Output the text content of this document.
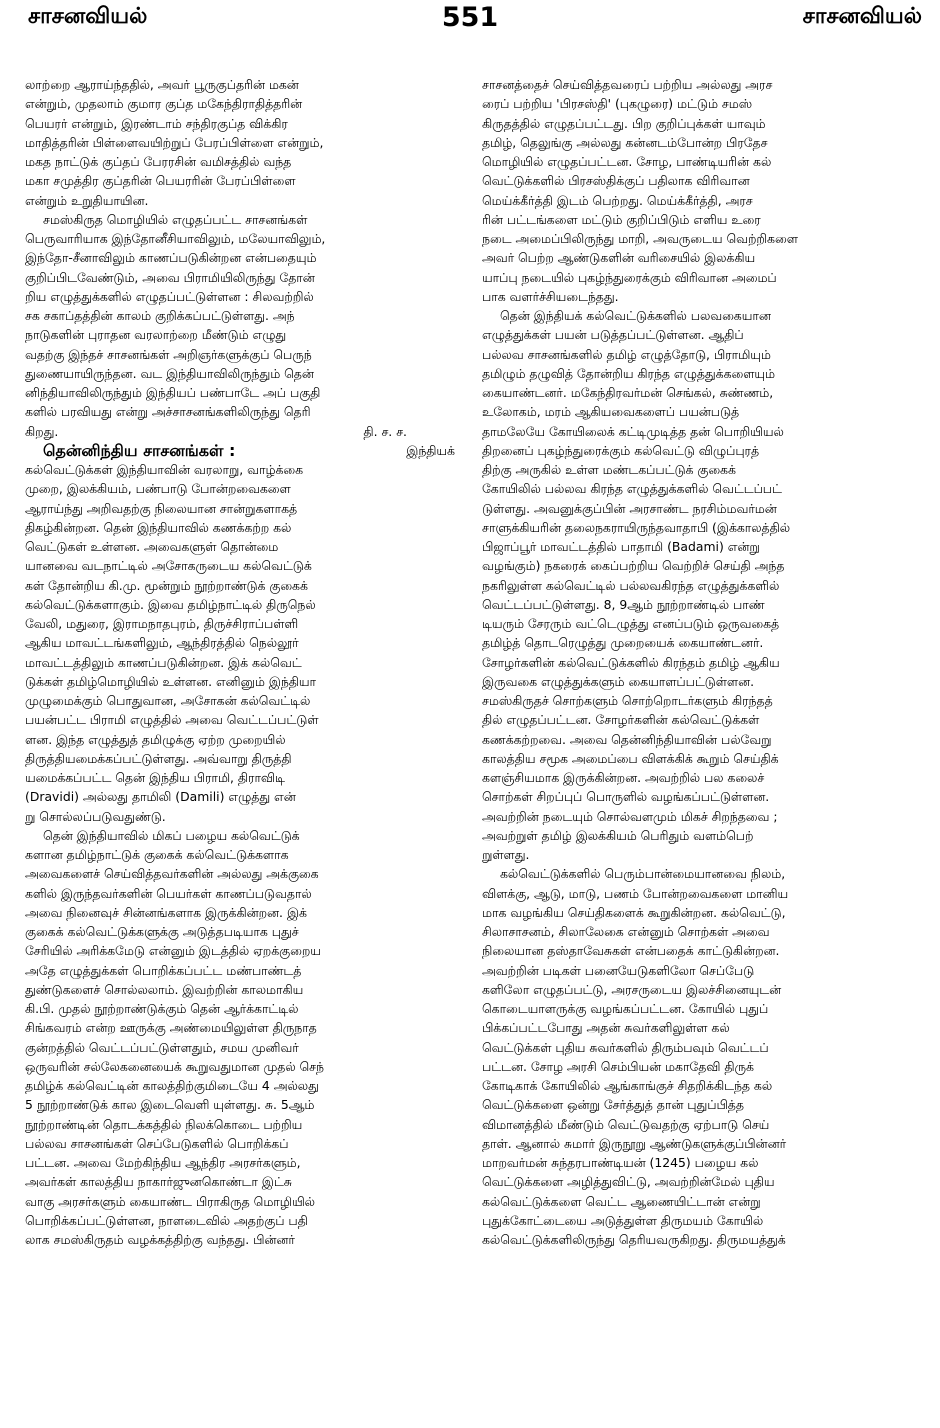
சாசனவியல்	551	சாசனவியல்
லாற்றை ஆராய்ந்ததில், அவர் பூருகுப்தரின் மகன்
என்றும், முதலாம் குமார குப்த மகேந்திராதித்தரின்
பெயரர் என்றும், இரண்டாம் சந்திரகுப்த விக்கிர
மாதித்தரின் பிள்ளைவயிற்றுப் பேரப்பிள்ளை என்றும்,
மகத நாட்டுக் குப்தப் பேரரசின் வமிசத்தில் வந்த
மகா சமுத்திர குப்தரின் பெயரரின் பேரப்பிள்ளை
என்றும் உறுதியாயின.
சமஸ்கிருத மொழியில் எழுதப்பட்ட சாசனங்கள்
பெருவாரியாக இந்தோனீசியாவிலும், மலேயாவிலும்,
இந்தோ-சீனாவிலும் காணப்படுகின்றன என்பதையும்
குறிப்பிடவேண்டும், அவை பிராமியிலிருந்து தோன்
றிய எழுத்துக்களில் எழுதப்பட்டுள்ளன : சிலவற்றில்
சக சகாப்தத்தின் காலம் குறிக்கப்பட்டுள்ளது. அந்
நாடுகளின் புராதன வரலாற்றை மீண்டும் எழுது
வதற்கு இந்தச் சாசனங்கள் அறிஞர்களுக்குப் பெருந்
துணையாயிருந்தன. வட இந்தியாவிலிருந்தும் தென்
னிந்தியாவிலிருந்தும் இந்தியப் பண்பாடே அப் பகுதி
களில் பரவியது என்று அச்சாசனங்களிலிருந்து தெரி
கிறது.	தி. ச. ச.
தென்னிந்திய சாசனங்கள் :	இந்தியக்
கல்வெட்டுக்கள் இந்தியாவின் வரலாறு, வாழ்க்கை
முறை, இலக்கியம், பண்பாடு போன்றவைகளை
ஆராய்ந்து அறிவதற்கு நிலையான சான்றுகளாகத்
திகழ்கின்றன. தென் இந்தியாவில் கணக்கற்ற கல்
வெட்டுகள் உள்ளன. அவைகளுள் தொன்மை
யானவை வடநாட்டில் அசோகருடைய கல்வெட்டுக்
கள் தோன்றிய கி.மு. மூன்றும் நூற்றாண்டுக் குகைக்
கல்வெட்டுக்களாகும். இவை தமிழ்நாட்டில் திருநெல்
வேலி, மதுரை, இராமநாதபுரம், திருச்சிராப்பள்ளி
ஆகிய மாவட்டங்களிலும், ஆந்திரத்தில் நெல்லூர்
மாவட்டத்திலும் காணப்படுகின்றன. இக் கல்வெட்
டுக்கள் தமிழ்மொழியில் உள்ளன. எனினும் இந்தியா
முழுமைக்கும் பொதுவான, அசோகன் கல்வெட்டில்
பயன்பட்ட பிராமி எழுத்தில் அவை வெட்டப்பட்டுள்
ளன. இந்த எழுத்துத் தமிழுக்கு ஏற்ற முறையில்
திருத்தியமைக்கப்பட்டுள்ளது. அவ்வாறு திருத்தி
யமைக்கப்பட்ட தென் இந்திய பிராமி, திராவிடி
(Dravidi) அல்லது தாமிலி (Damili) எழுத்து என்
று சொல்லப்படுவதுண்டு.
தென் இந்தியாவில் மிகப் பழைய கல்வெட்டுக்
களான தமிழ்நாட்டுக் குகைக் கல்வெட்டுக்களாக
அவைகளைச் செய்வித்தவர்களின் அல்லது அக்குகை
களில் இருந்தவர்களின் பெயர்கள் காணப்படுவதால்
அவை நினைவுச் சின்னங்களாக இருக்கின்றன. இக்
குகைக் கல்வெட்டுக்களுக்கு அடுத்தபடியாக புதுச்
சேரியில் அரிக்கமேடு என்னும் இடத்தில் ஏறக்குறைய
அதே எழுத்துக்கள் பொறிக்கப்பட்ட மண்பாண்டத்
துண்டுகளைச் சொல்லலாம். இவற்றின் காலமாகிய
கி.பி. முதல் நூற்றாண்டுக்கும் தென் ஆர்க்காட்டில்
சிங்கவரம் என்ற ஊருக்கு அண்மையிலுள்ள திருநாத
குன்றத்தில் வெட்டப்பட்டுள்ளதும், சமய முனிவர்
ஒருவரின் சல்லேகனையைக் கூறுவதுமான முதல் செந்
தமிழ்க் கல்வெட்டின் காலத்திற்குமிடையே 4 அல்லது
5 நூற்றாண்டுக் கால இடைவெளி யுள்ளது. சு. 5ஆம்
நூற்றாண்டின் தொடக்கத்தில் நிலக்கொடை பற்றிய
பல்லவ சாசனங்கள் செப்பேடுகளில் பொறிக்கப்
பட்டன. அவை மேற்கிந்திய ஆந்திர அரசர்களும்,
அவர்கள் காலத்திய நாகார்ஜுனகொண்டா இட்சு
வாகு அரசர்களும் கையாண்ட பிராகிருத மொழியில்
பொறிக்கப்பட்டுள்ளன, நாளடைவில் அதற்குப் பதி
லாக சமஸ்கிருதம் வழக்கத்திற்கு வந்தது. பின்னர்
சாசனத்தைச் செய்வித்தவரைப் பற்றிய அல்லது அரச
ரைப் பற்றிய 'பிரசஸ்தி' (புகழுரை) மட்டும் சமஸ்
கிருதத்தில் எழுதப்பட்டது. பிற குறிப்புக்கள் யாவும்
தமிழ், தெலுங்கு அல்லது கன்னடம்போன்ற பிரதேச
மொழியில் எழுதப்பட்டன. சோழ, பாண்டியரின் கல்
வெட்டுக்களில் பிரசஸ்திக்குப் பதிலாக விரிவான
மெய்க்கீர்த்தி இடம் பெற்றது. மெய்க்கீர்த்தி, அரச
ரின் பட்டங்களை மட்டும் குறிப்பிடும் எளிய உரை
நடை அமைப்பிலிருந்து மாறி, அவருடைய வெற்றிகளை
அவர் பெற்ற ஆண்டுகளின் வரிசையில் இலக்கிய
யாப்பு நடையில் புகழ்ந்துரைக்கும் விரிவான அமைப்
பாக வளர்ச்சியடைந்தது.
தென் இந்தியக் கல்வெட்டுக்களில் பலவகையான
எழுத்துக்கள் பயன் படுத்தப்பட்டுள்ளன. ஆதிப்
பல்லவ சாசனங்களில் தமிழ் எழுத்தோடு, பிராமியும்
தமிழும் தழுவித் தோன்றிய கிரந்த எழுத்துக்களையும்
கையாண்டனர். மகேந்திரவர்மன் செங்கல், சுண்ணம்,
உலோகம், மரம் ஆகியவைகளைப் பயன்படுத்
தாமலேயே கோயிலைக் கட்டிமுடித்த தன் பொறியியல்
திறனைப் புகழ்ந்துரைக்கும் கல்வெட்டு விழுப்புரத்
திற்கு அருகில் உள்ள மண்டகப்பட்டுக் குகைக்
கோயிலில் பல்லவ கிரந்த எழுத்துக்களில் வெட்டப்பட்
டுள்ளது. அவனுக்குப்பின் அரசாண்ட நரசிம்மவர்மன்
சாளுக்கியரின் தலைநகராயிருந்தவாதாபி (இக்காலத்தில்
பிஜாப்பூர் மாவட்டத்தில் பாதாமி (Badami) என்று
வழங்கும்) நகரைக் கைப்பற்றிய வெற்றிச் செய்தி அந்த
நகரிலுள்ள கல்வெட்டில் பல்லவகிரந்த எழுத்துக்களில்
வெட்டப்பட்டுள்ளது. 8, 9ஆம் நூற்றாண்டில் பாண்
டியரும் சேரரும் வட்டெழுத்து எனப்படும் ஒருவகைத்
தமிழ்த் தொடரெழுத்து முறையைக் கையாண்டனர்.
சோழர்களின் கல்வெட்டுக்களில் கிரந்தம் தமிழ் ஆகிய
இருவகை எழுத்துக்களும் கையாளப்பட்டுள்ளன.
சமஸ்கிருதச் சொற்களும் சொற்றொடர்களும் கிரந்தத்
தில் எழுதப்பட்டன. சோழர்களின் கல்வெட்டுக்கள்
கணக்கற்றவை. அவை தென்னிந்தியாவின் பல்வேறு
காலத்திய சமூக அமைப்பை விளக்கிக் கூறும் செய்திக்
களஞ்சியமாக இருக்கின்றன. அவற்றில் பல கலைச்
சொற்கள் சிறப்புப் பொருளில் வழங்கப்பட்டுள்ளன.
அவற்றின் நடையும் சொல்வளமும் மிகச் சிறந்தவை ;
அவற்றுள் தமிழ் இலக்கியம் பெரிதும் வளம்பெற்
றுள்ளது.
கல்வெட்டுக்களில் பெரும்பான்மையானவை நிலம்,
விளக்கு, ஆடு, மாடு, பணம் போன்றவைகளை மானிய
மாக வழங்கிய செய்திகளைக் கூறுகின்றன. கல்வெட்டு,
சிலாசாசனம், சிலாலேகை என்னும் சொற்கள் அவை
நிலையான தஸ்தாவேசுகள் என்பதைக் காட்டுகின்றன.
அவற்றின் படிகள் பனையேடுகளிலோ செப்பேடு
களிலோ எழுதப்பட்டு, அரசருடைய இலச்சினையுடன்
கொடையாளருக்கு வழங்கப்பட்டன. கோயில் புதுப்
பிக்கப்பட்டபோது அதன் சுவர்களிலுள்ள கல்
வெட்டுக்கள் புதிய சுவர்களில் திரும்பவும் வெட்டப்
பட்டன. சோழ அரசி செம்பியன் மகாதேவி திருக்
கோடிகாக் கோயிலில் ஆங்காங்குச் சிதறிக்கிடந்த கல்
வெட்டுக்களை ஒன்று சேர்த்துத் தான் புதுப்பித்த
விமானத்தில் மீண்டும் வெட்டுவதற்கு ஏற்பாடு செய்
தாள். ஆனால் சுமார் இருநூறு ஆண்டுகளுக்குப்பின்னர்
மாறவர்மன் சுந்தரபாண்டியன் (1245) பழைய கல்
வெட்டுக்களை அழித்துவிட்டு, அவற்றின்மேல் புதிய
கல்வெட்டுக்களை வெட்ட ஆணையிட்டான் என்று
புதுக்கோட்டையை அடுத்துள்ள திருமயம் கோயில்
கல்வெட்டுக்களிலிருந்து தெரியவருகிறது. திருமயத்துக்
